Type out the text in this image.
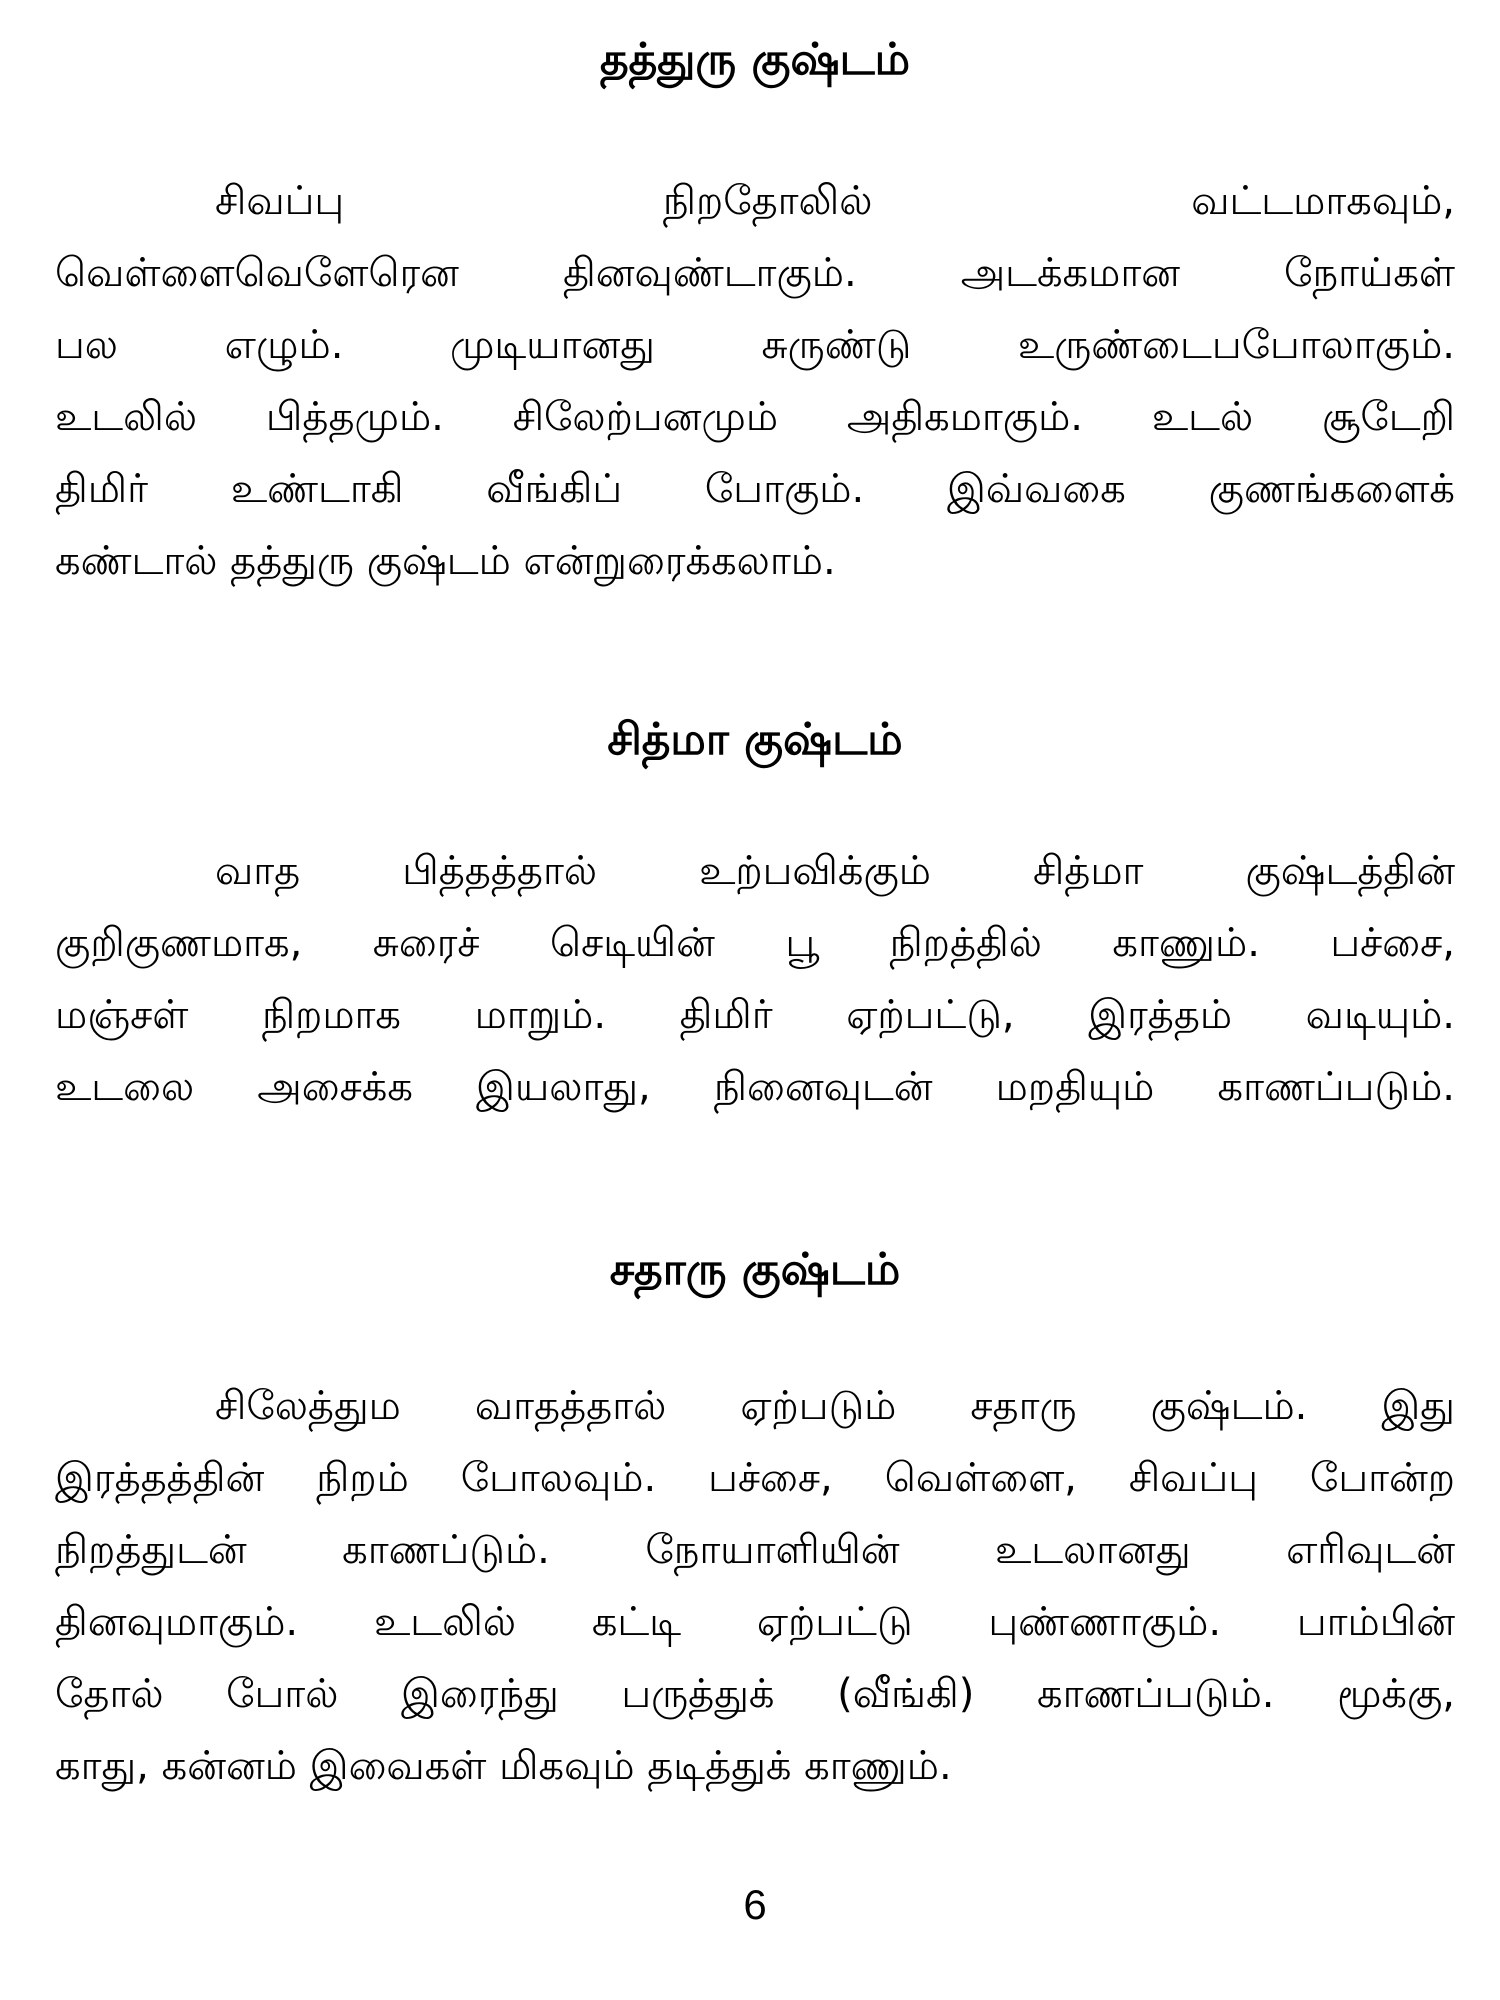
தத்துரு குஷ்டம்
சிவப்பு நிறதோலில் வட்டமாகவும்,
வெள்ளைவெளேரென தினவுண்டாகும். அடக்கமான நோய்கள்
பல எழும். முடியானது சுருண்டு உருண்டைபபோலாகும்.
உடலில் பித்தமும். சிலேற்பனமும் அதிகமாகும். உடல் சூடேறி
திமிர் உண்டாகி வீங்கிப் போகும். இவ்வகை குணங்களைக்
கண்டால் தத்துரு குஷ்டம் என்றுரைக்கலாம்.
சித்மா குஷ்டம்
வாத பித்தத்தால் உற்பவிக்கும் சித்மா குஷ்டத்தின்
குறிகுணமாக, சுரைச் செடியின் பூ நிறத்தில் காணும். பச்சை,
மஞ்சள் நிறமாக மாறும். திமிர் ஏற்பட்டு, இரத்தம் வடியும்.
உடலை அசைக்க இயலாது, நினைவுடன் மறதியும் காணப்படும்.
சதாரு குஷ்டம்
சிலேத்தும வாதத்தால் ஏற்படும் சதாரு குஷ்டம். இது
இரத்தத்தின் நிறம் போலவும். பச்சை, வெள்ளை, சிவப்பு போன்ற
நிறத்துடன் காணப்டும். நோயாளியின் உடலானது எரிவுடன்
தினவுமாகும். உடலில் கட்டி ஏற்பட்டு புண்ணாகும். பாம்பின்
தோல் போல் இரைந்து பருத்துக் (வீங்கி) காணப்படும். மூக்கு,
காது, கன்னம் இவைகள் மிகவும் தடித்துக் காணும்.
6
